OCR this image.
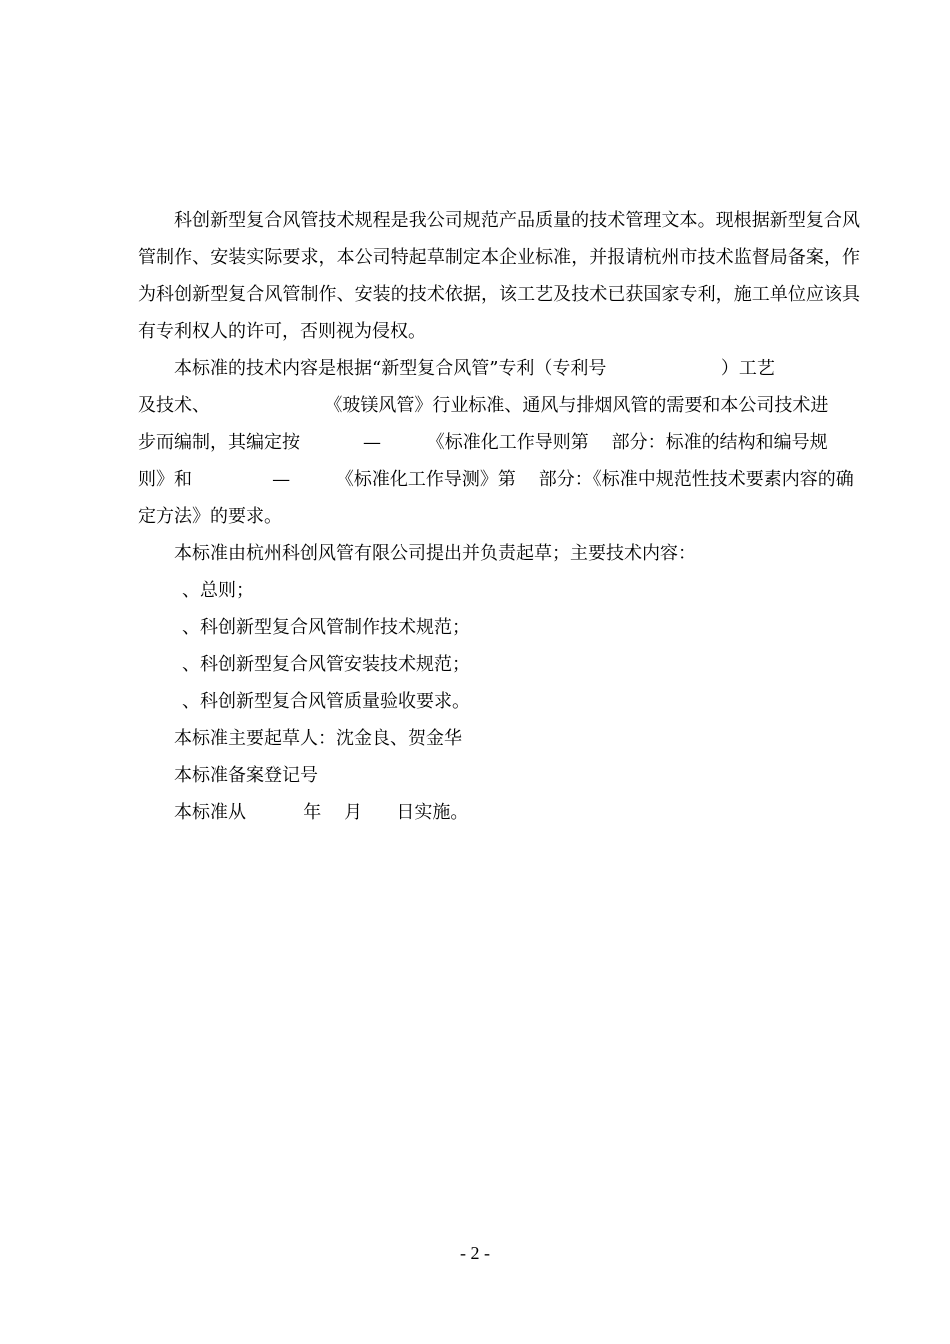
科创新型复合风管技术规程是我公司规范产品质量的技术管理文本。现根据新型复合风管制作、安装实际要求，本公司特起草制定本企业标准，并报请杭州市技术监督局备案，作为科创新型复合风管制作、安装的技术依据，该工艺及技术已获国家专利，施工单位应该具有专利权人的许可，否则视为侵权。

本标准的技术内容是根据“新型复合风管”专利（专利号                    ）工艺

及技术、                    《玻镁风管》行业标准、通风与排烟风管的需要和本公司技术进

步而编制，其编定按           —        《标准化工作导则第    部分：标准的结构和编号规

则》和              —        《标准化工作导测》第    部分：《标准中规范性技术要素内容的确

定方法》的要求。

本标准由杭州科创风管有限公司提出并负责起草；主要技术内容：

、总则；

、科创新型复合风管制作技术规范；

、科创新型复合风管安装技术规范；

、科创新型复合风管质量验收要求。

本标准主要起草人：沈金良、贺金华

本标准备案登记号

本标准从          年    月      日实施。

- 2 -
